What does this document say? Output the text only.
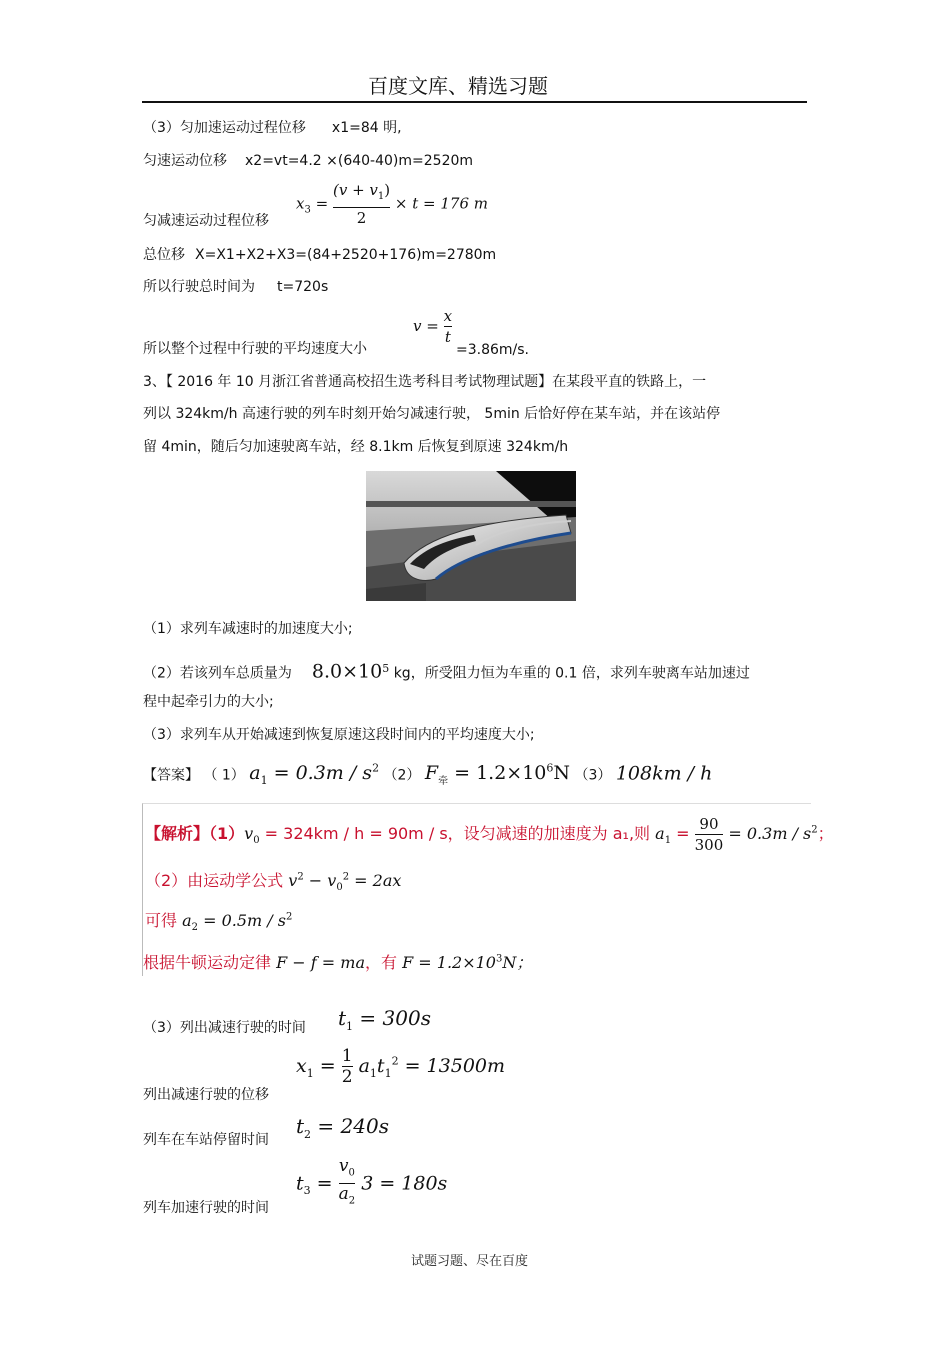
百度文库、精选习题
（3）匀加速运动过程位移 x1=84 明,
匀速运动位移 x2=vt=4.2 ×(640-40)m=2520m
匀减速运动过程位移
$x_3 = \frac{(v + v_1)}{2} \times t = 176$ m
总位移 X=X1+X2+X3=(84+2520+176)m=2780m
所以行驶总时间为 t=720s
所以整个过程中行驶的平均速度大小
$v = \frac{x}{t}$
=3.86m/s.
3、【 2016 年 10 月浙江省普通高校招生选考科目考试物理试题】在某段平直的铁路上，一
列以 324km/h 高速行驶的列车时刻开始匀减速行驶， 5min 后恰好停在某车站，并在该站停
留 4min，随后匀加速驶离车站，经 8.1km 后恢复到原速 324km/h
（1）求列车减速时的加速度大小;
（2）若该列车总质量为 $8.0\times 10^5$ kg，所受阻力恒为车重的 0.1 倍，求列车驶离车站加速过
程中起牵引力的大小;
（3）求列车从开始减速到恢复原速这段时间内的平均速度大小;
【答案】 （ 1） $a_1 = 0.3m / s^2$ （2） $F_牵 = 1.2\times 10^6N$ （3） 108km / h
【解析】$(1)v_0 = 324km / h = 90m / s$，设匀减速的加速度为 a₁,则 $a_1 = \frac{90}{300} = 0.3m / s^2$；
（2）由运动学公式 $v^2 - v_0^2 = 2ax$
可得 $a_2 = 0.5m / s^2$
根据牛顿运动定律 F − f = ma，有 $F = 1.2\times 10^3N$；
（3）列出减速行驶的时间 $t_1 = 300s$
列出减速行驶的位移
$x_1 = \frac{1}{2} a_1t_1^2 = 13500m$
列车在车站停留时间
$t_2 = 240s$
列车加速行驶的时间
$t_3 = \frac{v_0}{a_2} 3 = 180s$
试题习题、尽在百度
